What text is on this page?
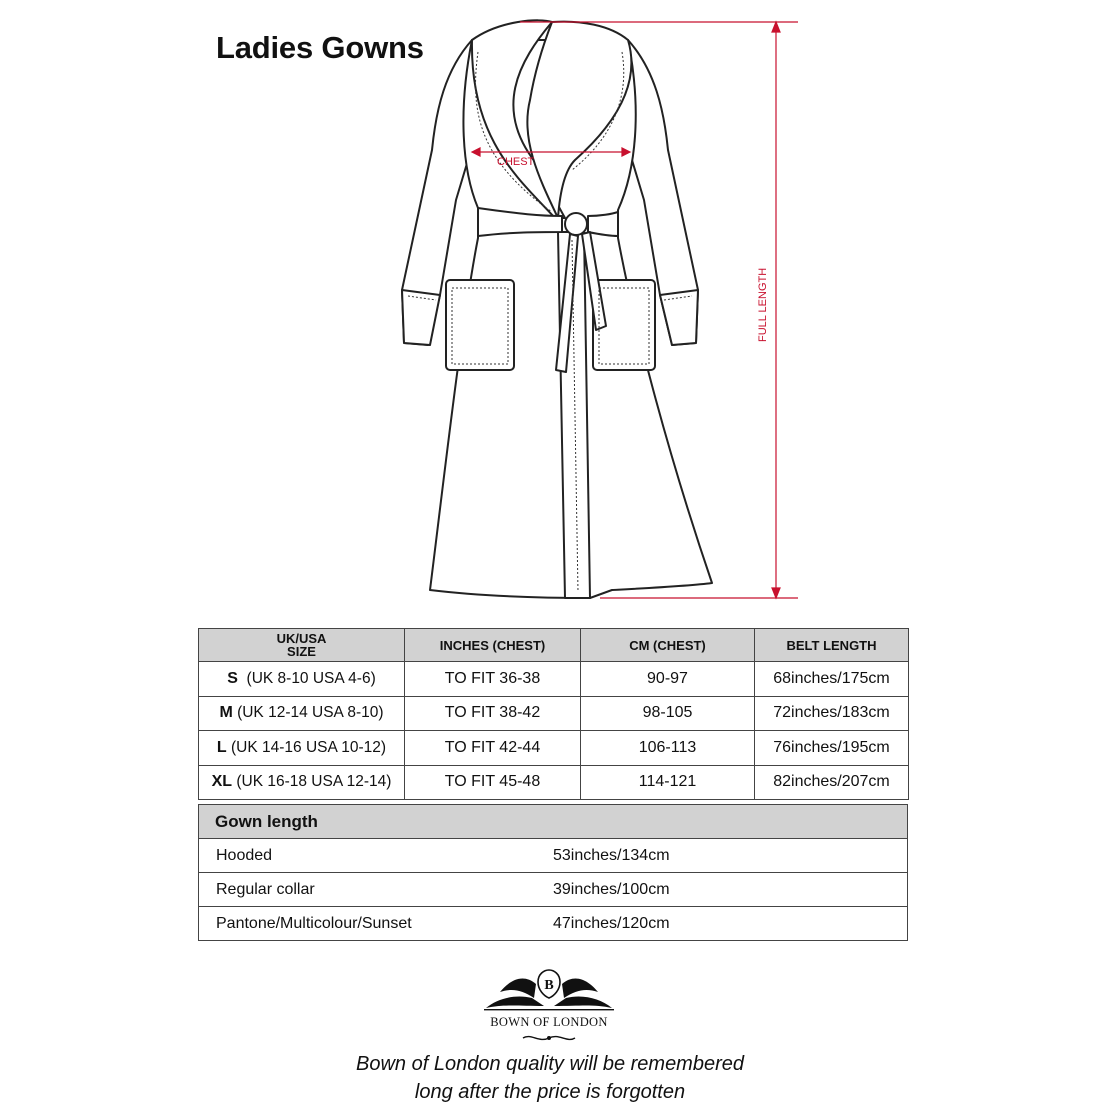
Ladies Gowns
CHEST
FULL LENGTH
UK/USA SIZE	INCHES (CHEST)	CM (CHEST)	BELT LENGTH
S (UK 8-10 USA 4-6)	TO FIT 36-38	90-97	68inches/175cm
M (UK 12-14 USA 8-10)	TO FIT 38-42	98-105	72inches/183cm
L (UK 14-16 USA 10-12)	TO FIT 42-44	106-113	76inches/195cm
XL (UK 16-18 USA 12-14)	TO FIT 45-48	114-121	82inches/207cm
Gown length	
Hooded	53inches/134cm
Regular collar	39inches/100cm
Pantone/Multicolour/Sunset	47inches/120cm
B
BOWN OF LONDON
Bown of London quality will be remembered
long after the price is forgotten
